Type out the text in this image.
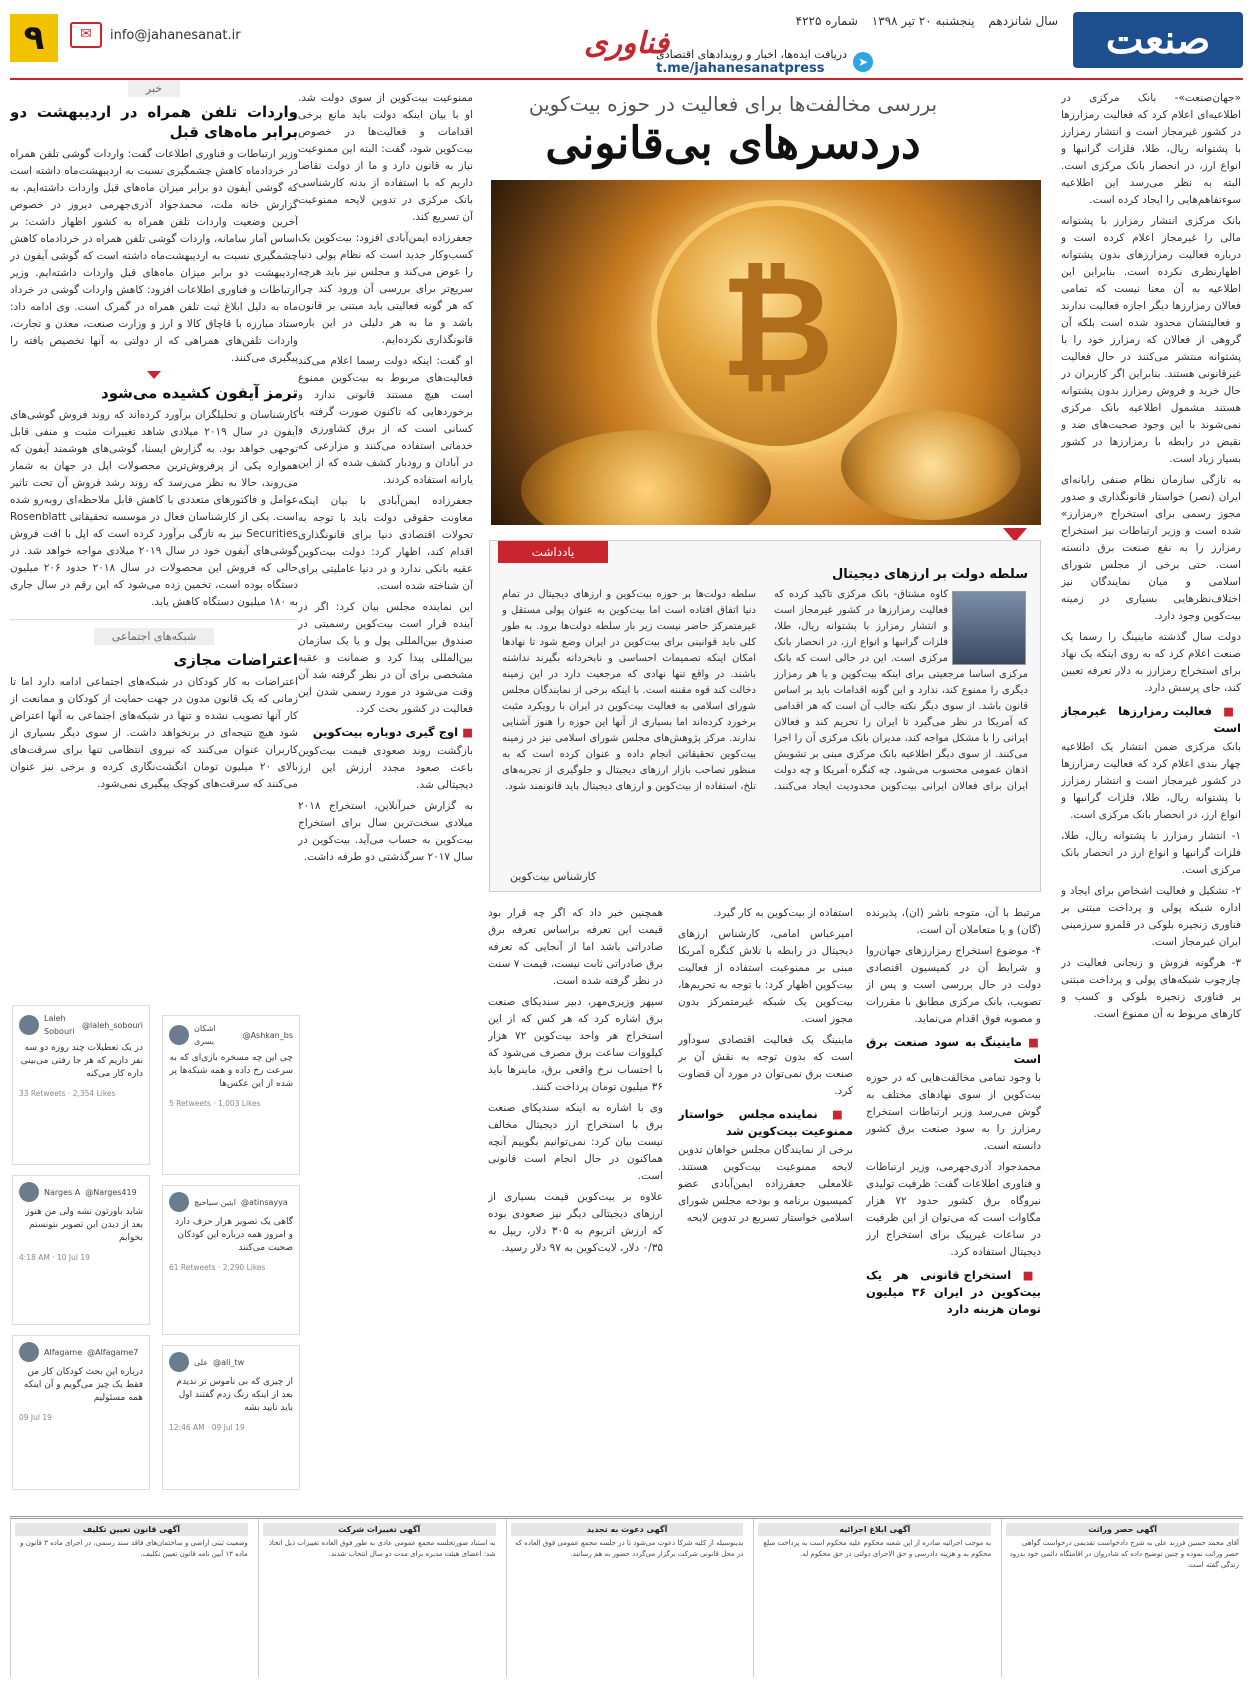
صنعت
سال شانزدهم پنجشنبه ۲۰ تیر ۱۳۹۸ شماره ۴۲۲۵
➤
دریافت ایده‌ها، اخبار و رویدادهای اقتصادی
t.me/jahanesanatpress
فناوری
info@jahanesanat.ir
✉
۹

«جهان‌صنعت»- بانک مرکزی در اطلاعیه‌ای اعلام کرد که فعالیت رمزارزها در کشور غیرمجاز است و انتشار رمزارز با پشتوانه ریال، طلا، فلزات گرانبها و انواع ارز، در انحصار بانک مرکزی است. البته به نظر می‌رسد این اطلاعیه سوءتفاهم‌هایی را ایجاد کرده است.

بانک مرکزی انتشار رمزارز با پشتوانه مالی را غیرمجاز اعلام کرده است و درباره فعالیت رمزارزهای بدون پشتوانه اظهارنظری نکرده است. بنابراین این اطلاعیه به آن معنا نیست که تمامی فعالان رمزارزها دیگر اجازه فعالیت ندارند و فعالیتشان محدود شده است بلکه آن گروهی از فعالان که رمزارز خود را با پشتوانه منتشر می‌کنند در حال فعالیت غیرقانونی هستند. بنابراین اگر کاربران در حال خرید و فروش رمزارز بدون پشتوانه هستند مشمول اطلاعیه بانک مرکزی نمی‌شوند با این وجود صحبت‌های ضد و نقیض در رابطه با رمزارزها در کشور بسیار زیاد است.

به تازگی سازمان نظام صنفی رایانه‌ای ایران (نصر) خواستار قانونگذاری و صدور مجوز رسمی برای استخراج «رمزارز» شده است و وزیر ارتباطات نیز استخراج رمزارز را به نفع صنعت برق دانسته است. حتی برخی از مجلس شورای اسلامی و میان نمایندگان نیز اختلاف‌نظرهایی بسیاری در زمینه بیت‌کوین وجود دارد.

دولت سال گذشته ماینینگ را رسما یک صنعت اعلام کرد که به روی اینکه یک نهاد برای استخراج رمزارز به دلار تعرفه تعیین کند، جای پرسش دارد.

■ فعالیت رمزارزها غیرمجاز است

بانک مرکزی ضمن انتشار یک اطلاعیه چهار بندی اعلام کرد که فعالیت رمزارزها در کشور غیرمجاز است و انتشار رمزارز با پشتوانه ریال، طلا، فلزات گرانبها و انواع ارز، در انحصار بانک مرکزی است.

۱- انتشار رمزارز با پشتوانه ریال، طلا، فلزات گرانبها و انواع ارز در انحصار بانک مرکزی است.

۲- تشکیل و فعالیت اشخاص برای ایجاد و اداره شبکه پولی و پرداخت مبتنی بر فناوری زنجیره بلوکی در قلمرو سرزمینی ایران غیرمجاز است.

۳- هرگونه فروش و زنجانی فعالیت در چارچوب شبکه‌های پولی و پرداخت مبتنی بر فناوری زنجیره بلوکی و کسب و کارهای مربوط به آن ممنوع است.

بررسی مخالفت‌ها برای فعالیت در حوزه بیت‌کوین
دردسرهای بی‌قانونی
₿
یادداشت
سلطه دولت بر ارزهای دیجیتال
کاوه مشتاق- بانک مرکزی تاکید کرده که فعالیت رمزارزها در کشور غیرمجاز است و انتشار رمزارز با پشتوانه ریال، طلا، فلزات گرانبها و انواع ارز، در انحصار بانک مرکزی است. این در حالی است که بانک مرکزی اساسا مرجعیتی برای اینکه بیت‌کوین و یا هر رمزارز دیگری را ممنوع کند، ندارد و این گونه اقدامات باید بر اساس قانون باشد. از سوی دیگر نکته جالب آن است که هر اقدامی که آمریکا در نظر می‌گیرد تا ایران را تحریم کند و فعالان ایرانی را با مشکل مواجه کند، مدیران بانک مرکزی آن را اجرا می‌کنند. از سوی دیگر اطلاعیه بانک مرکزی مبنی بر تشویش اذهان عمومی محسوب می‌شود. چه کنگره آمریکا و چه دولت ایران برای فعالان ایرانی بیت‌کوین محدودیت ایجاد می‌کنند. سلطه دولت‌ها بر حوزه بیت‌کوین و ارزهای دیجیتال در تمام دنیا اتفاق افتاده است اما بیت‌کوین به عنوان پولی مستقل و غیرمتمرکز حاضر نیست زیر بار سلطه دولت‌ها برود. به طور کلی باید قوانینی برای بیت‌کوین در ایران وضع شود تا نهادها امکان اینکه تصمیمات احساسی و نابخردانه بگیرند نداشته باشند. در واقع تنها نهادی که مرجعیت دارد در این زمینه دخالت کند قوه مقننه است. با اینکه برخی از نمایندگان مجلس شورای اسلامی به فعالیت بیت‌کوین در ایران با رویکرد مثبت برخورد کرده‌اند اما بسیاری از آنها این حوزه را هنوز آشنایی ندارند. مرکز پژوهش‌های مجلس شورای اسلامی نیز در زمینه بیت‌کوین تحقیقاتی انجام داده و عنوان کرده است که به منظور تصاحب بازار ارزهای دیجیتال و جلوگیری از تجربه‌های تلخ، استفاده از بیت‌کوین و ارزهای دیجیتال باید قانونمند شود.
کارشناس بیت‌کوین

ممنوعیت بیت‌کوین از سوی دولت شد. او با بیان اینکه دولت باید مانع برخی اقدامات و فعالیت‌ها در خصوص بیت‌کوین شود، گفت: البته این ممنوعیت نیاز به قانون دارد و ما از دولت تقاضا داریم که با استفاده از بدنه کارشناسی بانک مرکزی در تدوین لایحه ممنوعیت آن تسریع کند.

جعفرزاده ایمن‌آبادی افزود: بیت‌کوین یک کسب‌وکار جدید است که نظام پولی دنیا را عوض می‌کند و مجلس نیز باید هرچه سریع‌تر برای بررسی آن ورود کند چرا که هر گونه فعالیتی باید مبتنی بر قانون باشد و ما به هر دلیلی در این باره قانونگذاری نکرده‌ایم.

او گفت: اینکه دولت رسما اعلام می‌کند فعالیت‌های مربوط به بیت‌کوین ممنوع است هیچ مستند قانونی ندارد و برخوردهایی که تاکنون صورت گرفته یا کسانی است که از برق کشاورزی و خدماتی استفاده می‌کنند و مزارعی که در آبادان و رودبار کشف شده که از این یارانه استفاده کردند.

جعفرزاده ایمن‌آبادی با بیان اینکه معاونت حقوقی دولت باید با توجه به تحولات اقتصادی دنیا برای قانونگذاری اقدام کند، اظهار کرد: دولت بیت‌کوین عقیه بانکی ندارد و در دنیا عاملیتی برای آن شناخته شده است.

این نماینده مجلس بیان کرد: اگر در آینده قرار است بیت‌کوین رسمیتی در صندوق بین‌المللی پول و یا یک سازمان بین‌المللی پیدا کرد و ضمانت و عقیه مشخصی برای آن در نظر گرفته شد آن وقت می‌شود در مورد رسمی شدن این فعالیت در کشور بحث کرد.

■ اوج گیری دوباره بیت‌کوین

بازگشت روند صعودی قیمت بیت‌کوین باعث صعود مجدد ارزش این ارز دیجیتالی شد.

به گزارش خبرآنلاین، استخراج ۲۰۱۸ میلادی سخت‌ترین سال برای استخراج بیت‌کوین به حساب می‌آید. بیت‌کوین در سال ۲۰۱۷ سرگذشتی دو طرفه داشت.

مرتبط با آن، متوجه ناشر (ان)، پذیرنده (گان) و یا متعاملان آن است.

۴- موضوع استخراج رمزارزهای جهان‌روا و شرایط آن در کمیسیون اقتصادی دولت در حال بررسی است و پس از تصویب، بانک مرکزی مطابق با مقررات و مصوبه فوق اقدام می‌نماید.

■ ماینینگ به سود صنعت برق است

با وجود تمامی مخالفت‌هایی که در حوزه بیت‌کوین از سوی نهادهای مختلف به گوش می‌رسد وزیر ارتباطات استخراج رمزارز را به سود صنعت برق کشور دانسته است.

محمدجواد آذری‌جهرمی، وزیر ارتباطات و فناوری اطلاعات گفت: ظرفیت تولیدی نیروگاه برق کشور حدود ۷۲ هزار مگاوات است که می‌توان از این ظرفیت در ساعات غیرپیک برای استخراج ارز دیجیتال استفاده کرد.

■ استخراج قانونی هر یک بیت‌کوین در ایران ۳۶ میلیون تومان هزینه دارد

استفاده از بیت‌کوین به کار گیرد.

امیرعباس امامی، کارشناس ارزهای دیجیتال در رابطه با تلاش کنگره آمریکا مبنی بر ممنوعیت استفاده از فعالیت بیت‌کوین اظهار کرد: با توجه به تحریم‌ها، بیت‌کوین یک شبکه غیرمتمرکز بدون مجوز است.

ماینینگ یک فعالیت اقتصادی سودآور است که بدون توجه به نقش آن بر صنعت برق نمی‌توان در مورد آن قضاوت کرد.

■ نماینده مجلس خواستار ممنوعیت بیت‌کوین شد

برخی از نمایندگان مجلس خواهان تدوین لایحه ممنوعیت بیت‌کوین هستند. غلامعلی جعفرزاده ایمن‌آبادی عضو کمیسیون برنامه و بودجه مجلس شورای اسلامی خواستار تسریع در تدوین لایحه

همچنین خبر داد که اگر چه قرار بود قیمت این تعرفه براساس تعرفه برق صادراتی باشد اما از آنجایی که تعرفه برق صادراتی ثابت نیست، قیمت ۷ سنت در نظر گرفته شده است.

سپهر وزیری‌مهر، دبیر سندیکای صنعت برق اشاره کرد که هر کس که از این استخراج هر واحد بیت‌کوین ۷۲ هزار کیلووات ساعت برق مصرف می‌شود که با احتساب نرخ واقعی برق، ماینرها باید ۳۶ میلیون تومان پرداخت کنند.

وی با اشاره به اینکه سندیکای صنعت برق با استخراج ارز دیجیتال مخالف نیست بیان کرد: نمی‌توانیم بگوییم آنچه هماکنون در حال انجام است قانونی است.

علاوه بر بیت‌کوین قیمت بسیاری از ارزهای دیجیتالی دیگر نیز صعودی بوده که ارزش اتریوم به ۳۰۵ دلار، ریپل به ۰/۳۵ دلار، لایت‌کوین به ۹۷ دلار رسید.

خبر
واردات تلفن همراه در اردیبهشت دو برابر ماه‌های قبل

وزیر ارتباطات و فناوری اطلاعات گفت: واردات گوشی تلفن همراه در خردادماه کاهش چشمگیری نسبت به اردیبهشت‌ماه داشته است که گوشی آیفون دو برابر میزان ماه‌های قبل واردات داشته‌ایم. به گزارش خانه ملت، محمدجواد آذری‌جهرمی دیروز در خصوص آخرین وضعیت واردات تلفن همراه به کشور اظهار داشت: بر اساس آمار سامانه، واردات گوشی تلفن همراه در خردادماه کاهش چشمگیری نسبت به اردیبهشت‌ماه داشته است که گوشی آیفون در اردیبهشت دو برابر میزان ماه‌های قبل واردات داشته‌ایم. وزیر ارتباطات و فناوری اطلاعات افزود: کاهش واردات گوشی در خرداد ماه به دلیل ابلاغ ثبت تلفن همراه در گمرک است. وی ادامه داد: ستاد مبارزه با قاچاق کالا و ارز و وزارت صنعت، معدن و تجارت، واردات تلفن‌های همراهی که از دولتی به آنها تخصیص یافته را پیگیری می‌کنند.

ترمز آیفون کشیده می‌شود

کارشناسان و تحلیلگران برآورد کرده‌اند که روند فروش گوشی‌های آیفون در سال ۲۰۱۹ میلادی شاهد تغییرات مثبت و منفی قابل توجهی خواهد بود. به گزارش ایسنا، گوشی‌های هوشمند آیفون که همواره یکی از پرفروش‌ترین محصولات اپل در جهان به شمار می‌روند، حالا به نظر می‌رسد که روند رشد فروش آن تحت تاثیر عوامل و فاکتورهای متعددی با کاهش قابل ملاحظه‌ای روبه‌رو شده است. یکی از کارشناسان فعال در موسسه تحقیقاتی Rosenblatt Securities نیز به تازگی برآورد کرده است که اپل با افت فروش گوشی‌های آیفون خود در سال ۲۰۱۹ میلادی مواجه خواهد شد. در حالی که فروش این محصولات در سال ۲۰۱۸ حدود ۲۰۶ میلیون دستگاه بوده است، تخمین زده می‌شود که این رقم در سال جاری به ۱۸۰ میلیون دستگاه کاهش یابد.

شبکه‌های اجتماعی
اعتراضات مجازی

اعتراضات به کار کودکان در شبکه‌های اجتماعی ادامه دارد اما تا زمانی که یک قانون مدون در جهت حمایت از کودکان و ممانعت از کار آنها تصویب نشده و تنها در شبکه‌های اجتماعی به آنها اعتراض شود هیچ نتیجه‌ای در برنخواهد داشت. از سوی دیگر بسیاری از کاربران عنوان می‌کنند که نیروی انتظامی تنها برای سرقت‌های بالای ۲۰ میلیون تومان انگشت‌نگاری کرده و برخی نیز عنوان می‌کنند که سرقت‌های کوچک پیگیری نمی‌شود.

اشکان بسری
@Ashkan_bs
چی این چه مسخره بازی‌ای که به سرعت رخ داده و همه شبکه‌ها پر شده از این عکس‌ها
5 Retweets · 1,003 Likes
Laleh Sobouri
@laleh_sobouri
در یک تعطیلات چند روزه دو سه نفر داریم که هر جا رفتی می‌بینی داره کار می‌کنه
33 Retweets · 2,354 Likes
ابتین سیاحیچ @atinsayya
گاهی یک تصویر هزار حرف دارد و امروز همه درباره این کودکان صحبت می‌کنند
61 Retweets · 2,290 Likes
Narges A @Narges419
شاید باورتون نشه ولی من هنوز بعد از دیدن این تصویر نتونستم بخوابم
4:18 AM · 10 Jul 19
علی @ali_tw
از چیزی که بی ناموس تر ندیدم بعد از اینکه زنگ زدم گفتند اول باید تایید بشه
12:46 AM · 09 Jul 19
Alfagame @Alfagame7
درباره این بحث کودکان کار من فقط یک چیز می‌گویم و آن اینکه همه مسئولیم
09 Jul 19
آگهی حصر وراثت
آقای محمد حسین فرزند علی به شرح دادخواست تقدیمی درخواست گواهی حصر وراثت نموده و چنین توضیح داده که شادروان در اقامتگاه دائمی خود بدرود زندگی گفته است.
آگهی ابلاغ اجرائیه
به موجب اجرائیه صادره از این شعبه محکوم علیه محکوم است به پرداخت مبلغ محکوم به و هزینه دادرسی و حق الاجرای دولتی در حق محکوم له.
آگهی دعوت به تجدید
بدینوسیله از کلیه شرکا دعوت می‌شود تا در جلسه مجمع عمومی فوق العاده که در محل قانونی شرکت برگزار می‌گردد حضور به هم رسانند.
آگهی تغییرات شرکت
به استناد صورتجلسه مجمع عمومی عادی به طور فوق العاده تغییرات ذیل اتخاذ شد: اعضای هیئت مدیره برای مدت دو سال انتخاب شدند.
آگهی قانون تعیین تکلیف
وضعیت ثبتی اراضی و ساختمان‌های فاقد سند رسمی، در اجرای ماده ۳ قانون و ماده ۱۳ آیین نامه قانون تعیین تکلیف.
